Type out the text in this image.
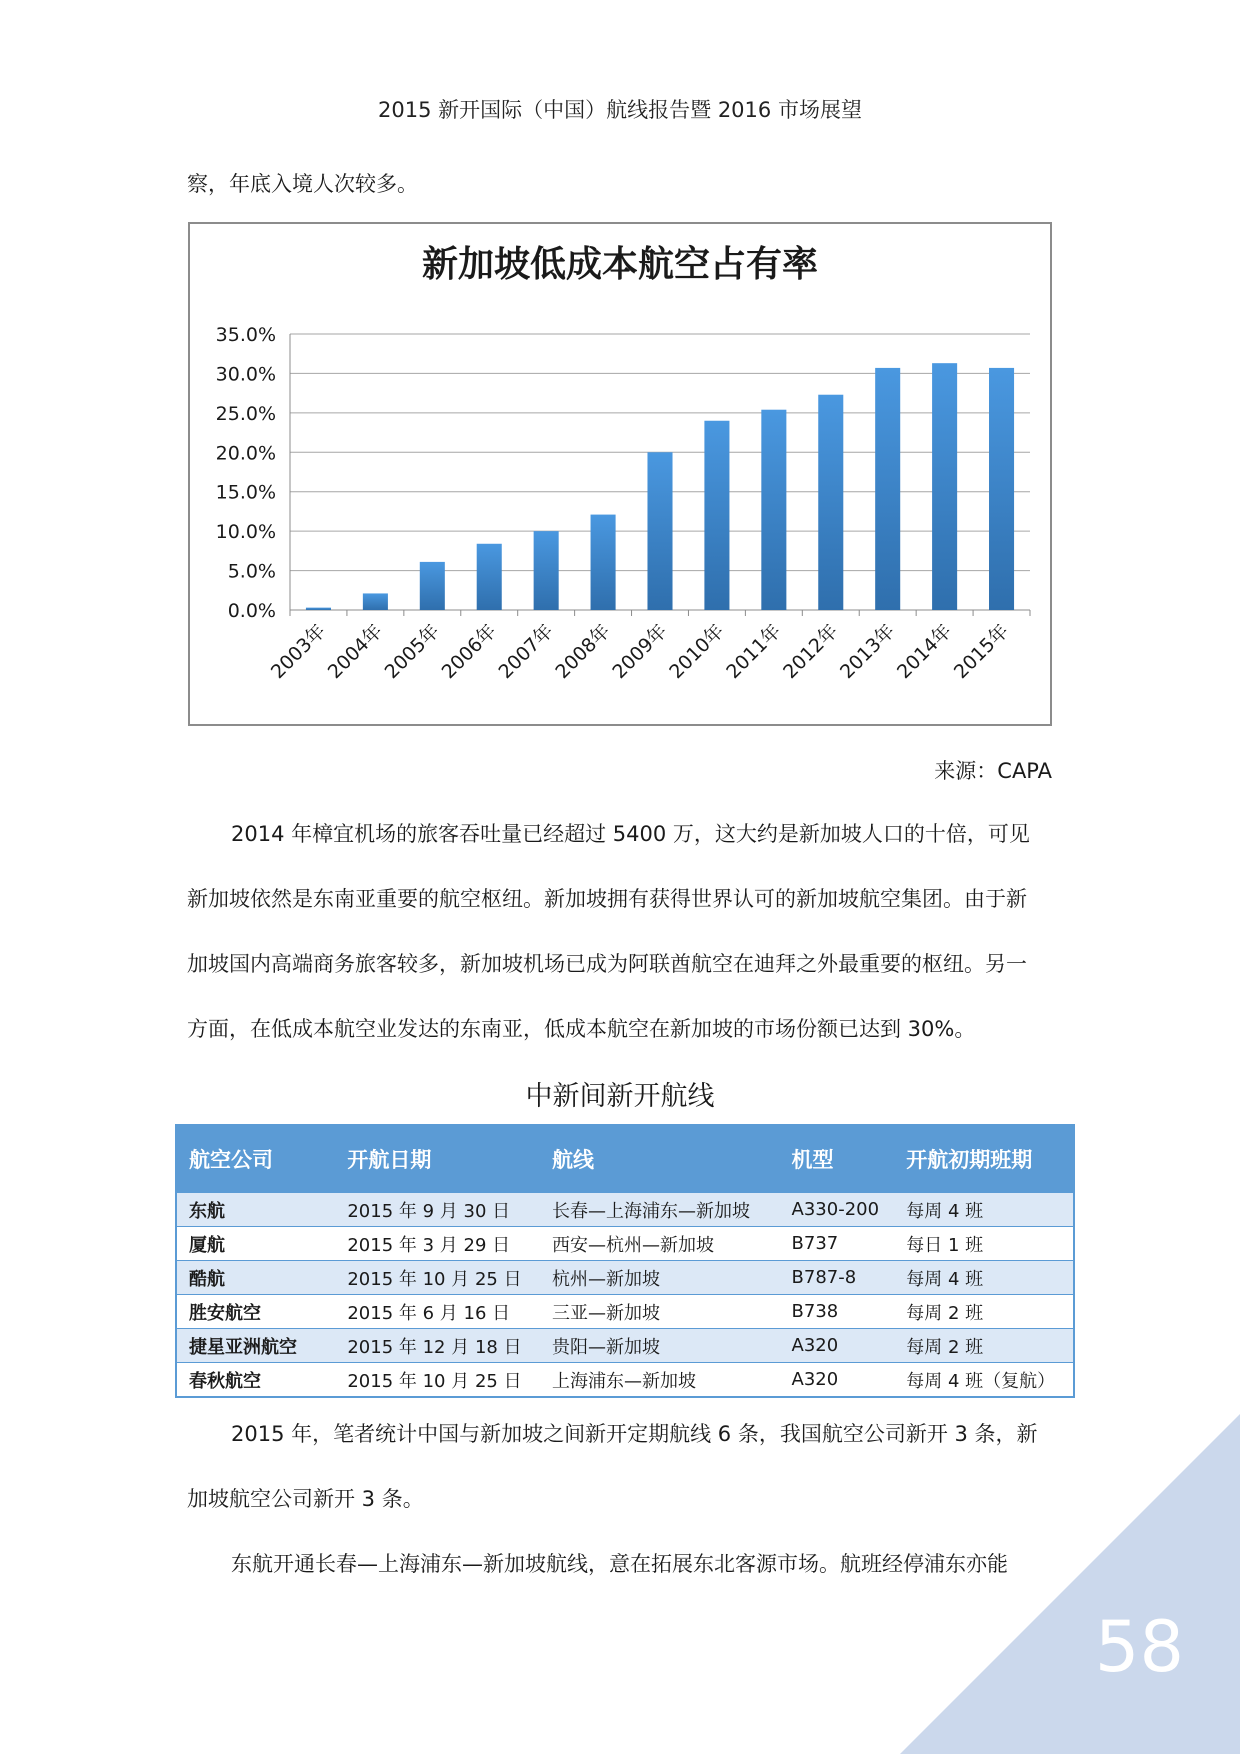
2015 新开国际（中国）航线报告暨 2016 市场展望
察，年底入境人次较多。
新加坡低成本航空占有率
0.0%
5.0%
10.0%
15.0%
20.0%
25.0%
30.0%
35.0%
2003年
2004年
2005年
2006年
2007年
2008年
2009年
2010年
2011年
2012年
2013年
2014年
2015年
来源：CAPA
2014 年樟宜机场的旅客吞吐量已经超过 5400 万，这大约是新加坡人口的十倍，可见
新加坡依然是东南亚重要的航空枢纽。新加坡拥有获得世界认可的新加坡航空集团。由于新
加坡国内高端商务旅客较多，新加坡机场已成为阿联酋航空在迪拜之外最重要的枢纽。另一
方面，在低成本航空业发达的东南亚，低成本航空在新加坡的市场份额已达到 30%。
中新间新开航线
航空公司	开航日期	航线	机型	开航初期班期
东航	2015 年 9 月 30 日	长春—上海浦东—新加坡	A330-200	每周 4 班
厦航	2015 年 3 月 29 日	西安—杭州—新加坡	B737	每日 1 班
酷航	2015 年 10 月 25 日	杭州—新加坡	B787-8	每周 4 班
胜安航空	2015 年 6 月 16 日	三亚—新加坡	B738	每周 2 班
捷星亚洲航空	2015 年 12 月 18 日	贵阳—新加坡	A320	每周 2 班
春秋航空	2015 年 10 月 25 日	上海浦东—新加坡	A320	每周 4 班（复航）
2015 年，笔者统计中国与新加坡之间新开定期航线 6 条，我国航空公司新开 3 条，新
加坡航空公司新开 3 条。
东航开通长春—上海浦东—新加坡航线，意在拓展东北客源市场。航班经停浦东亦能
58
